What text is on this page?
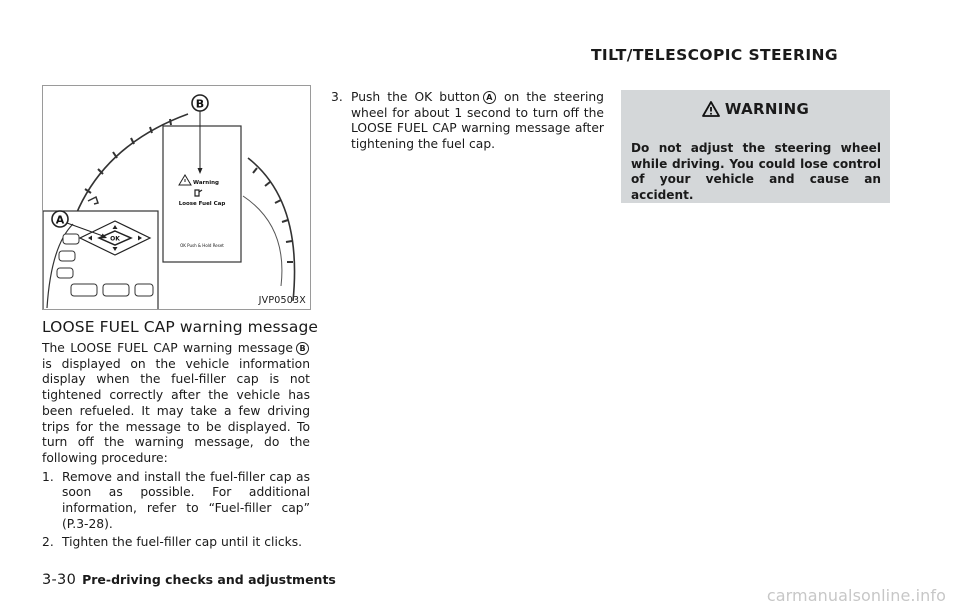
TILT/TELESCOPIC STEERING
Warning
Loose Fuel Cap
OK Push & Hold Reset
B
OK
A
JVP0503X
LOOSE FUEL CAP warning message

The LOOSE FUEL CAP warning message B is displayed on the vehicle information display when the fuel-filler cap is not tightened correctly after the vehicle has been refueled. It may take a few driving trips for the message to be displayed. To turn off the warning message, do the following procedure:

1. Remove and install the fuel-filler cap as soon as possible. For additional information, refer to “Fuel-filler cap” (P.3-28).
2. Tighten the fuel-filler cap until it clicks.
3. Push the OK button A on the steering wheel for about 1 second to turn off the LOOSE FUEL CAP warning message after tightening the fuel cap.
WARNING
Do not adjust the steering wheel while driving. You could lose control of your vehicle and cause an accident.
3-30 Pre-driving checks and adjustments
carmanualsonline.info
